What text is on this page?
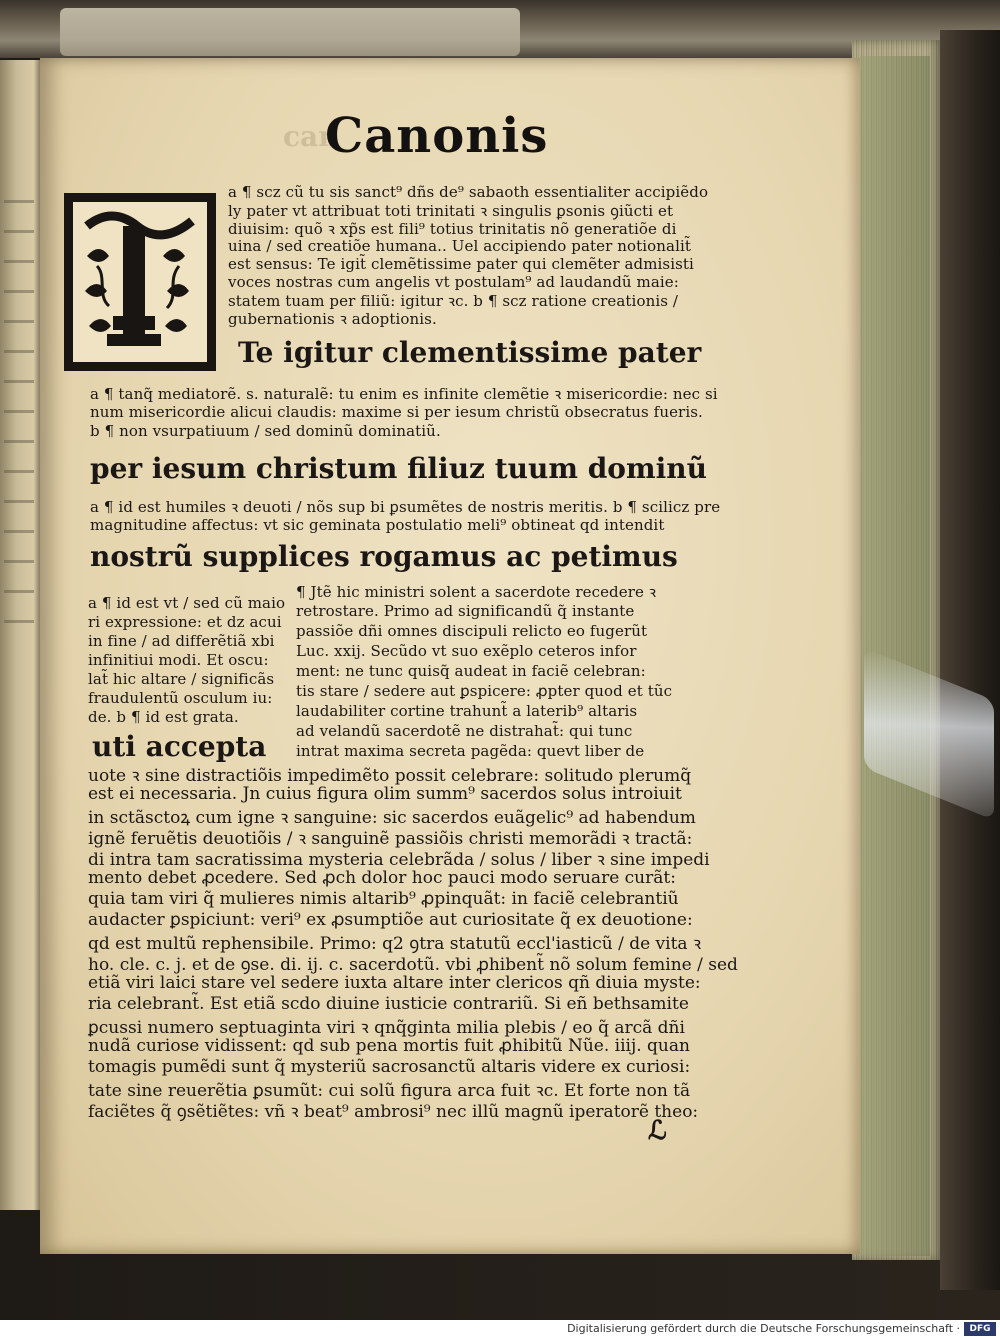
can
Canonis
T
a ¶ scz cũ tu sis sanct⁹ dñs de⁹ sabaoth essentialiter accipiẽdo
ly pater vt attribuat toti trinitati ꝛ singulis ꝑsonis ꝯiũcti et
diuisim: quõ ꝛ xp̃s est fili⁹ totius trinitatis nõ generatiõe di
uina / sed creatiõe humana.. Uel accipiendo pater notionalit̃
est sensus: Te igit̃ clemẽtissime pater qui clemẽter admisisti
voces nostras cum angelis vt postulam⁹ ad laudandũ maie:
statem tuam per filiũ: igitur ꝛc. b ¶ scz ratione creationis /
gubernationis ꝛ adoptionis.
Te igitur clementissime pater
a ¶ tanq̃ mediatorẽ. s. naturalẽ: tu enim es infinite clemẽtie ꝛ misericordie: nec si
num misericordie alicui claudis: maxime si per iesum christũ obsecratus fueris.
b ¶ non vsurpatiuum / sed dominũ dominatiũ.
per iesum christum filiuz tuum dominũ
a ¶ id est humiles ꝛ deuoti / nõs sup bi ꝑsumẽtes de nostris meritis. b ¶ scilicz pre
magnitudine affectus: vt sic geminata postulatio meli⁹ obtineat qd intendit
nostrũ supplices rogamus ac petimus
a ¶ id est vt / sed cũ maio
ri expressione: et dz acui
in fine / ad differẽtiã xbi
infinitiui modi. Et oscu:
lat̃ hic altare / significãs
fraudulentũ osculum iu:
de. b ¶ id est grata.
¶ Jtẽ hic ministri solent a sacerdote recedere ꝛ
retrostare. Primo ad significandũ q̃ instante
passiõe dñi omnes discipuli relicto eo fugerũt
Luc. xxij. Secũdo vt suo exẽplo ceteros infor
ment: ne tunc quisq̃ audeat in faciẽ celebran:
tis stare / sedere aut ꝑspicere: ꝓpter quod et tũc
laudabiliter cortine trahunt̃ a laterib⁹ altaris
ad velandũ sacerdotẽ ne distrahat̃: qui tunc
intrat maxima secreta pagẽda: quevt liber de
uti accepta
uote ꝛ sine distractiõis impedimẽto possit celebrare: solitudo plerumq̃
est ei necessaria. Jn cuius figura olim summ⁹ sacerdos solus introiuit
in sctãsctoꝝ cum igne ꝛ sanguine: sic sacerdos euãgelic⁹ ad habendum
ignẽ feruẽtis deuotiõis / ꝛ sanguinẽ passiõis christi memorãdi ꝛ tractã:
di intra tam sacratissima mysteria celebrãda / solus / liber ꝛ sine impedi
mento debet ꝓcedere. Sed ꝓch dolor hoc pauci modo seruare curãt:
quia tam viri q̃ mulieres nimis altarib⁹ ꝓpinquãt: in faciẽ celebrantiũ
audacter ꝑspiciunt: veri⁹ ex ꝓsumptiõe aut curiositate q̃ ex deuotione:
qd est multũ rephensibile. Primo: q2 ꝯtra statutũ eccl'iasticũ / de vita ꝛ
ho. cle. c. j. et de ꝯse. di. ij. c. sacerdotũ. vbi ꝓhibent̃ nõ solum femine / sed
etiã viri laici stare vel sedere iuxta altare inter clericos qñ diuia myste:
ria celebrant̃. Est etiã scdo diuine iusticie contrariũ. Si eñ bethsamite
ꝑcussi numero septuaginta viri ꝛ qnq̃ginta milia plebis / eo q̃ arcã dñi
nudã curiose vidissent: qd sub pena mortis fuit ꝓhibitũ Nũe. iiij. quan
tomagis pumẽdi sunt q̃ mysteriũ sacrosanctũ altaris videre ex curiosi:
tate sine reuerẽtia ꝑsumũt: cui solũ figura arca fuit ꝛc. Et forte non tã
faciẽtes q̃ ꝯsẽtiẽtes: vñ ꝛ beat⁹ ambrosi⁹ nec illũ magnũ iperatorẽ theo:
ℒ
Digitalisierung gefördert durch die Deutsche Forschungsgemeinschaft ·	DFG
